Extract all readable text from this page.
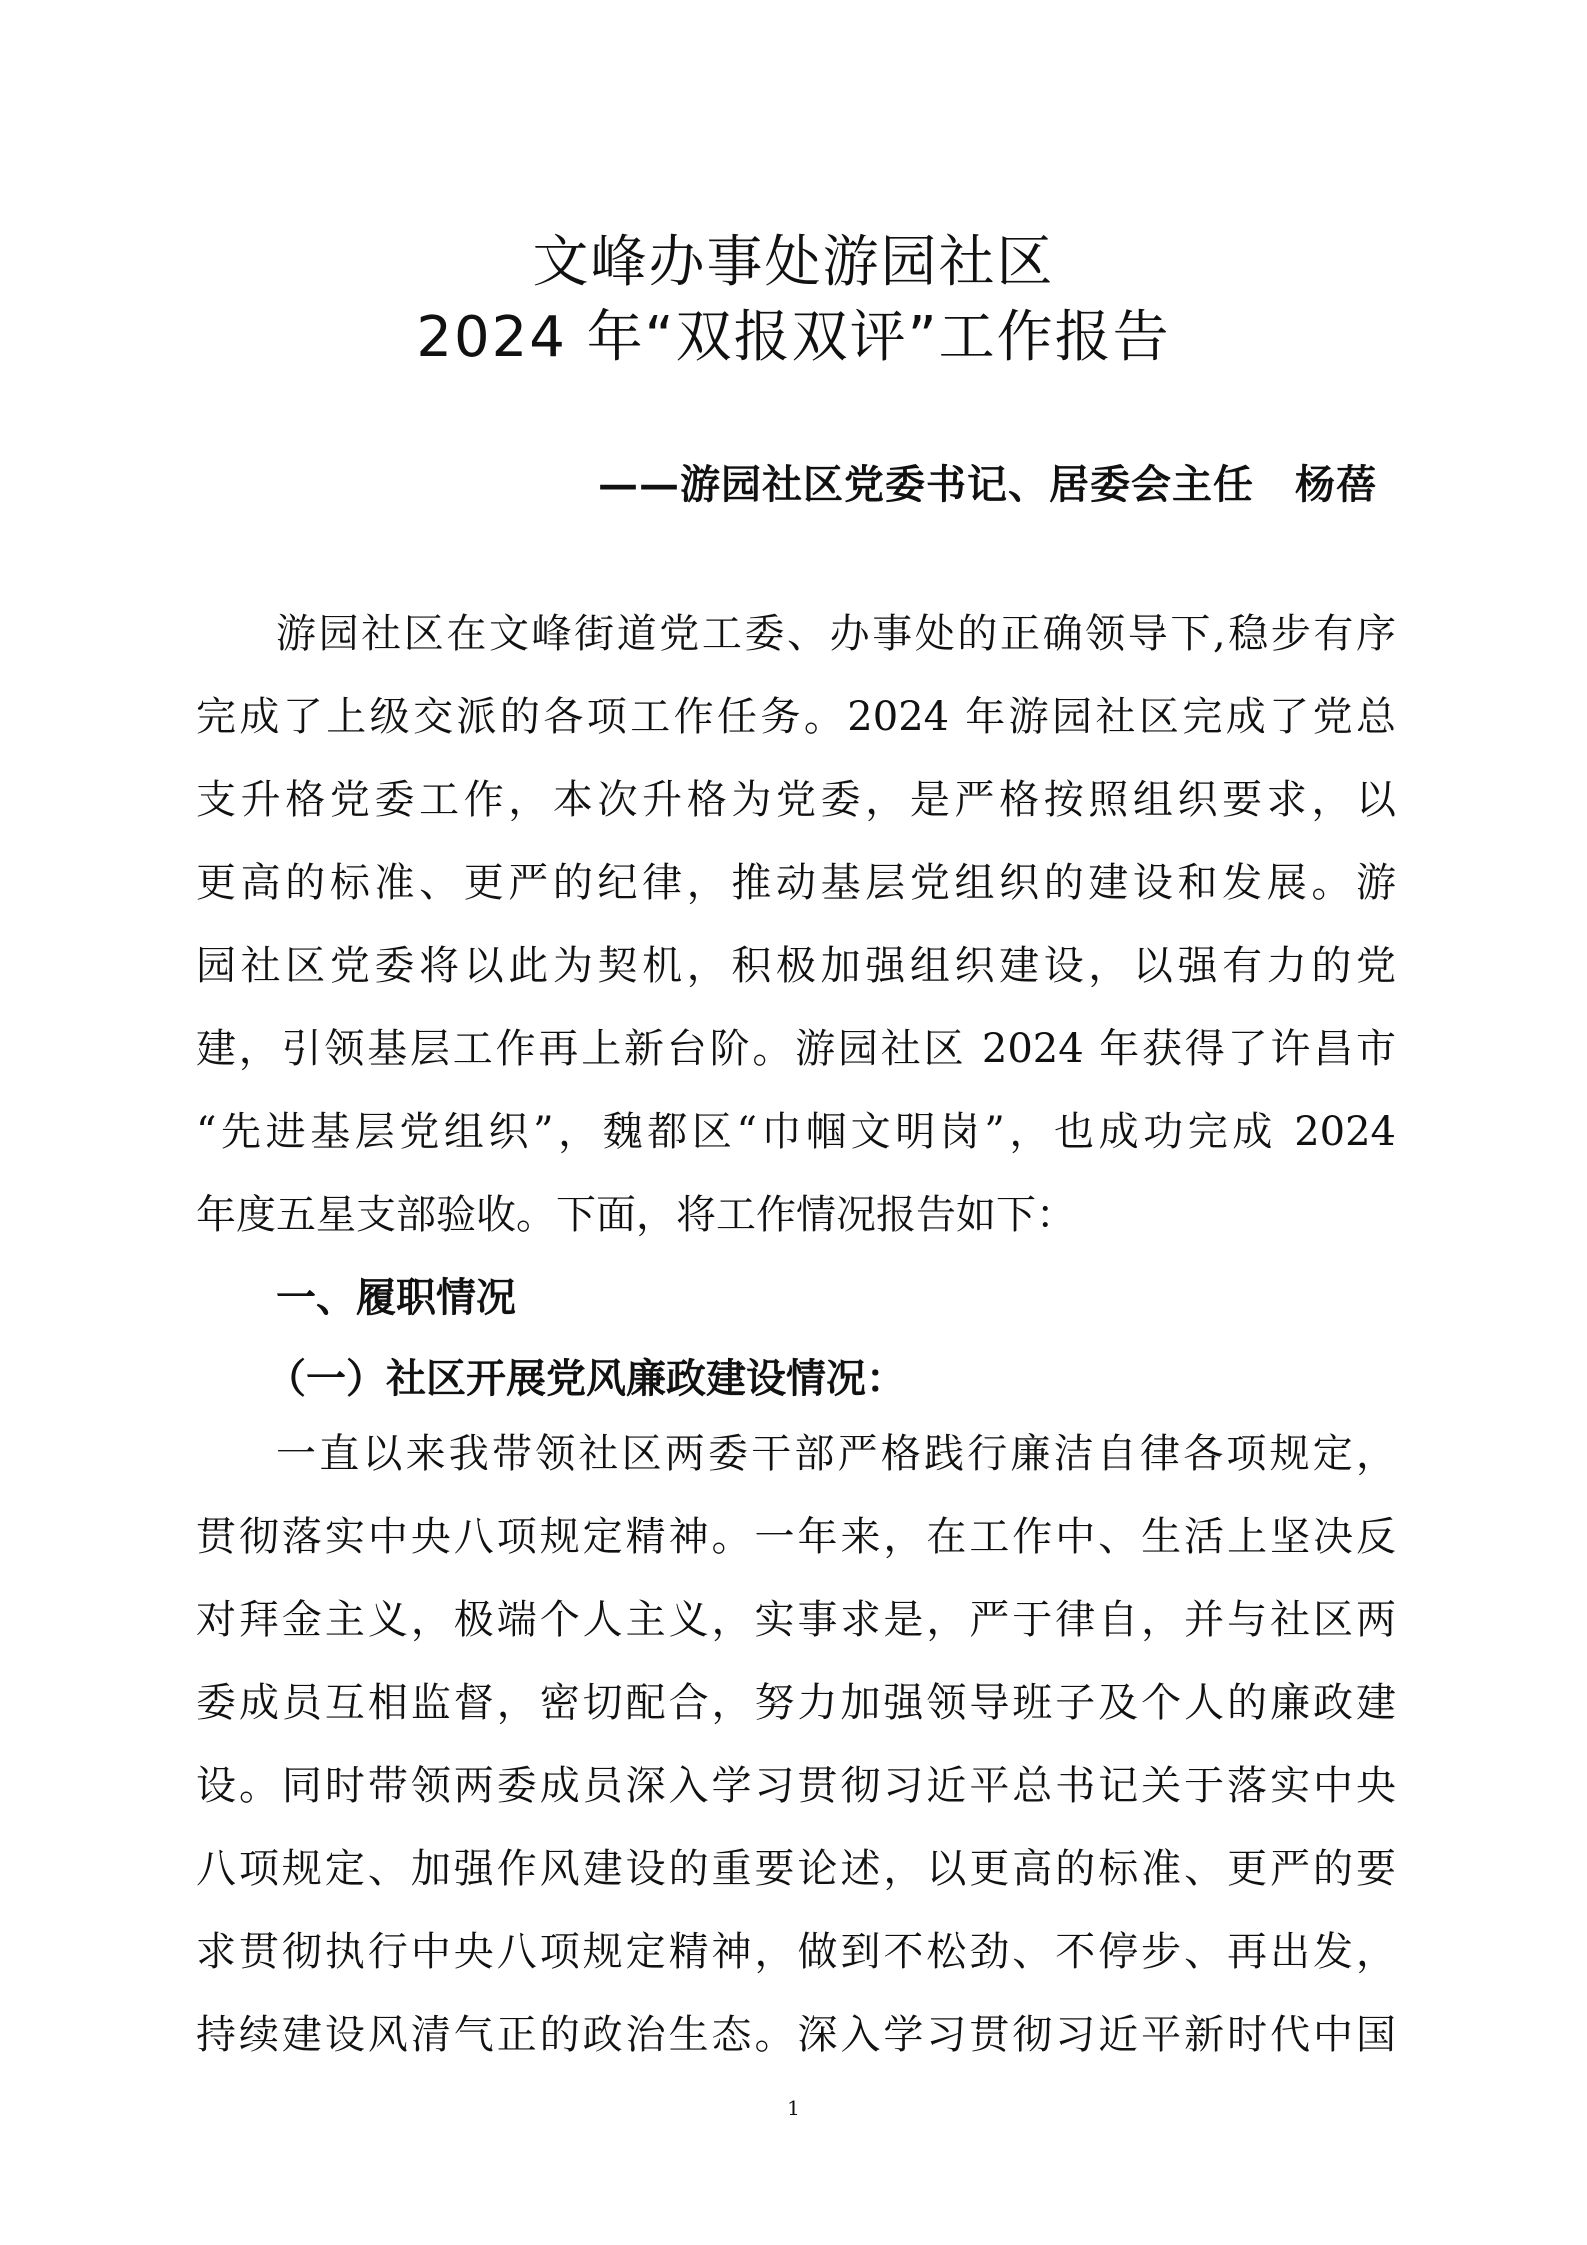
文峰办事处游园社区
2024 年“双报双评”工作报告
——游园社区党委书记、居委会主任　杨蓓
游园社区在文峰街道党工委、办事处的正确领导下,稳步有序
完成了上级交派的各项工作任务。2024 年游园社区完成了党总
支升格党委工作，本次升格为党委，是严格按照组织要求，以
更高的标准、更严的纪律，推动基层党组织的建设和发展。游
园社区党委将以此为契机，积极加强组织建设，以强有力的党
建，引领基层工作再上新台阶。游园社区 2024 年获得了许昌市
“先进基层党组织”，魏都区“巾帼文明岗”，也成功完成 2024
年度五星支部验收。下面，将工作情况报告如下：
一、履职情况
（一）社区开展党风廉政建设情况：
一直以来我带领社区两委干部严格践行廉洁自律各项规定，
贯彻落实中央八项规定精神。一年来，在工作中、生活上坚决反
对拜金主义，极端个人主义，实事求是，严于律自，并与社区两
委成员互相监督，密切配合，努力加强领导班子及个人的廉政建
设。同时带领两委成员深入学习贯彻习近平总书记关于落实中央
八项规定、加强作风建设的重要论述，以更高的标准、更严的要
求贯彻执行中央八项规定精神，做到不松劲、不停步、再出发，
持续建设风清气正的政治生态。深入学习贯彻习近平新时代中国
1
